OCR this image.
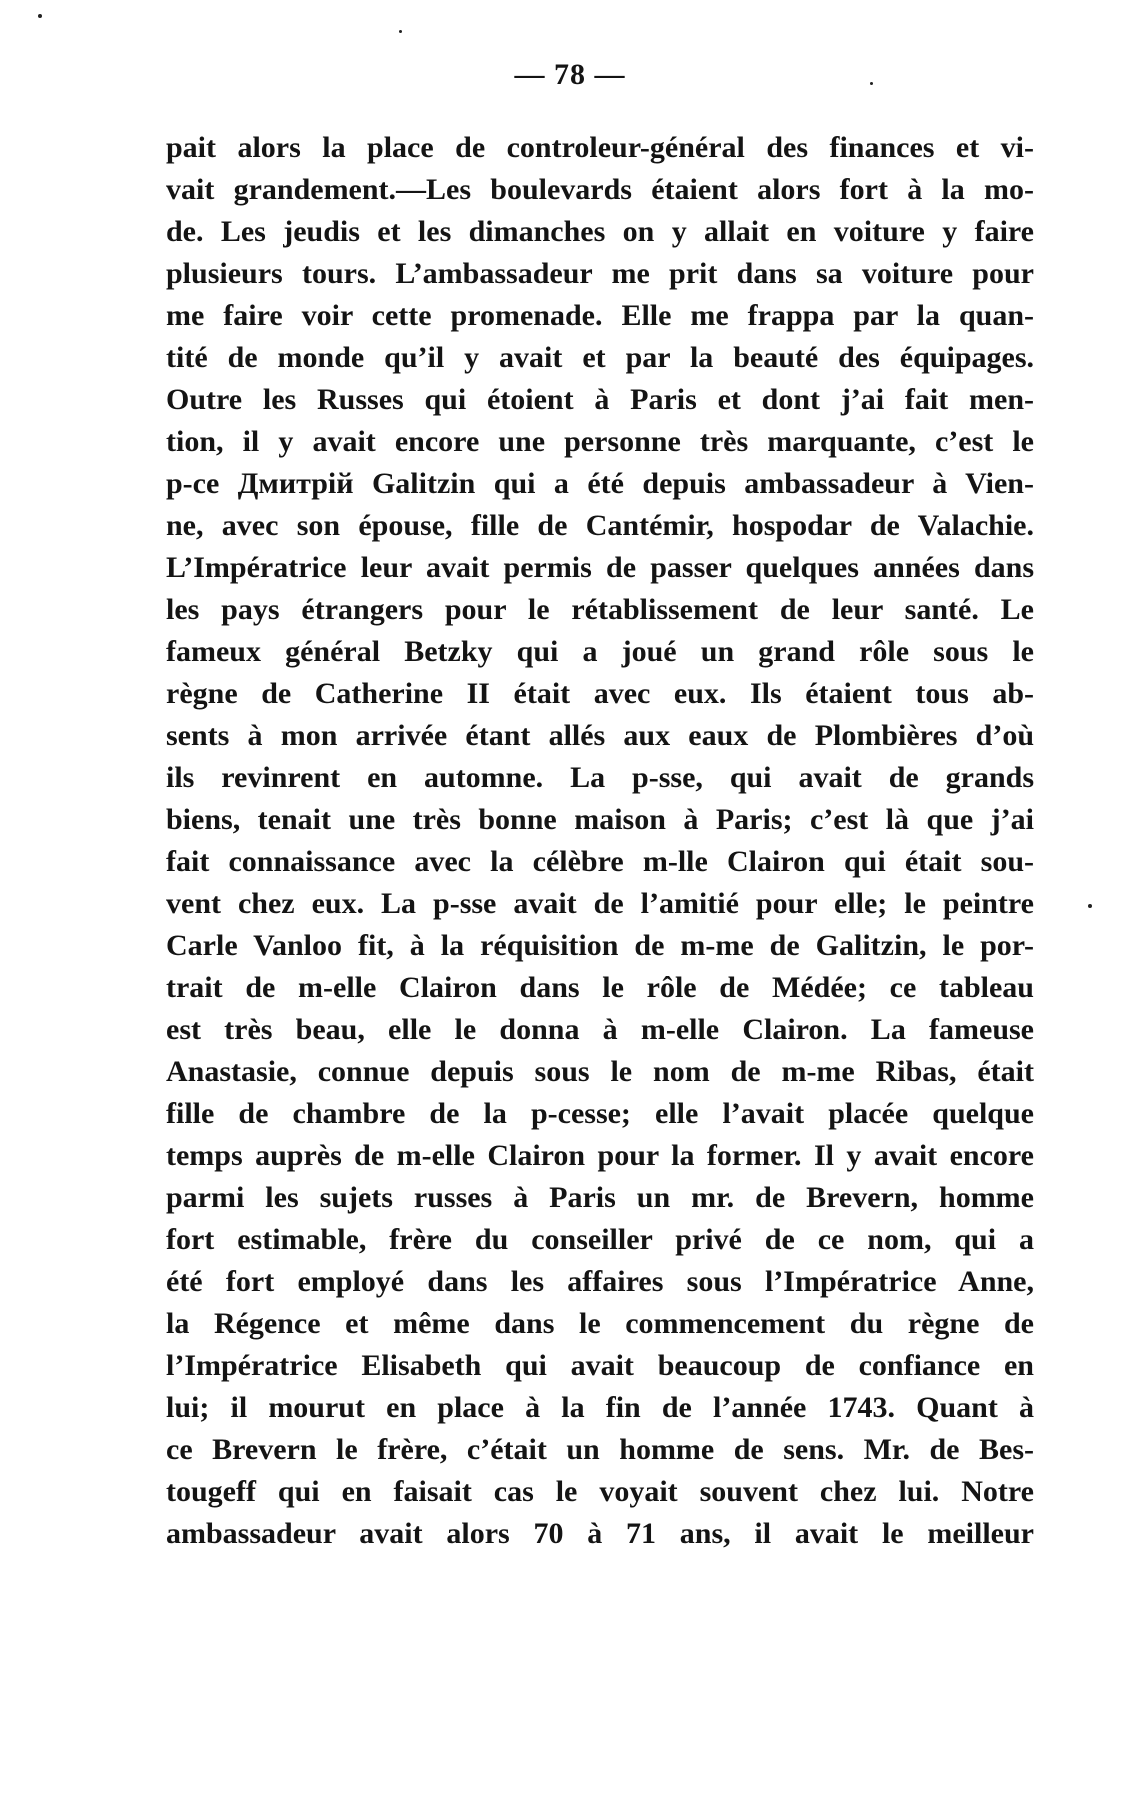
— 78 —
pait alors la place de controleur-général des finances et vi-
vait grandement.—Les boulevards étaient alors fort à la mo-
de. Les jeudis et les dimanches on y allait en voiture y faire
plusieurs tours. L’ambassadeur me prit dans sa voiture pour
me faire voir cette promenade. Elle me frappa par la quan-
tité de monde qu’il y avait et par la beauté des équipages.
Outre les Russes qui étoient à Paris et dont j’ai fait men-
tion, il y avait encore une personne très marquante, c’est le
p-ce Дмитрій Galitzin qui a été depuis ambassadeur à Vien-
ne, avec son épouse, fille de Cantémir, hospodar de Valachie.
L’Impératrice leur avait permis de passer quelques années dans
les pays étrangers pour le rétablissement de leur santé. Le
fameux général Betzky qui a joué un grand rôle sous le
règne de Catherine II était avec eux. Ils étaient tous ab-
sents à mon arrivée étant allés aux eaux de Plombières d’où
ils revinrent en automne. La p-sse, qui avait de grands
biens, tenait une très bonne maison à Paris; c’est là que j’ai
fait connaissance avec la célèbre m-lle Clairon qui était sou-
vent chez eux. La p-sse avait de l’amitié pour elle; le peintre
Carle Vanloo fit, à la réquisition de m-me de Galitzin, le por-
trait de m-elle Clairon dans le rôle de Médée; ce tableau
est très beau, elle le donna à m-elle Clairon. La fameuse
Anastasie, connue depuis sous le nom de m-me Ribas, était
fille de chambre de la p-cesse; elle l’avait placée quelque
temps auprès de m-elle Clairon pour la former. Il y avait encore
parmi les sujets russes à Paris un mr. de Brevern, homme
fort estimable, frère du conseiller privé de ce nom, qui a
été fort employé dans les affaires sous l’Impératrice Anne,
la Régence et même dans le commencement du règne de
l’Impératrice Elisabeth qui avait beaucoup de confiance en
lui; il mourut en place à la fin de l’année 1743. Quant à
ce Brevern le frère, c’était un homme de sens. Mr. de Bes-
tougeff qui en faisait cas le voyait souvent chez lui. Notre
ambassadeur avait alors 70 à 71 ans, il avait le meilleur
